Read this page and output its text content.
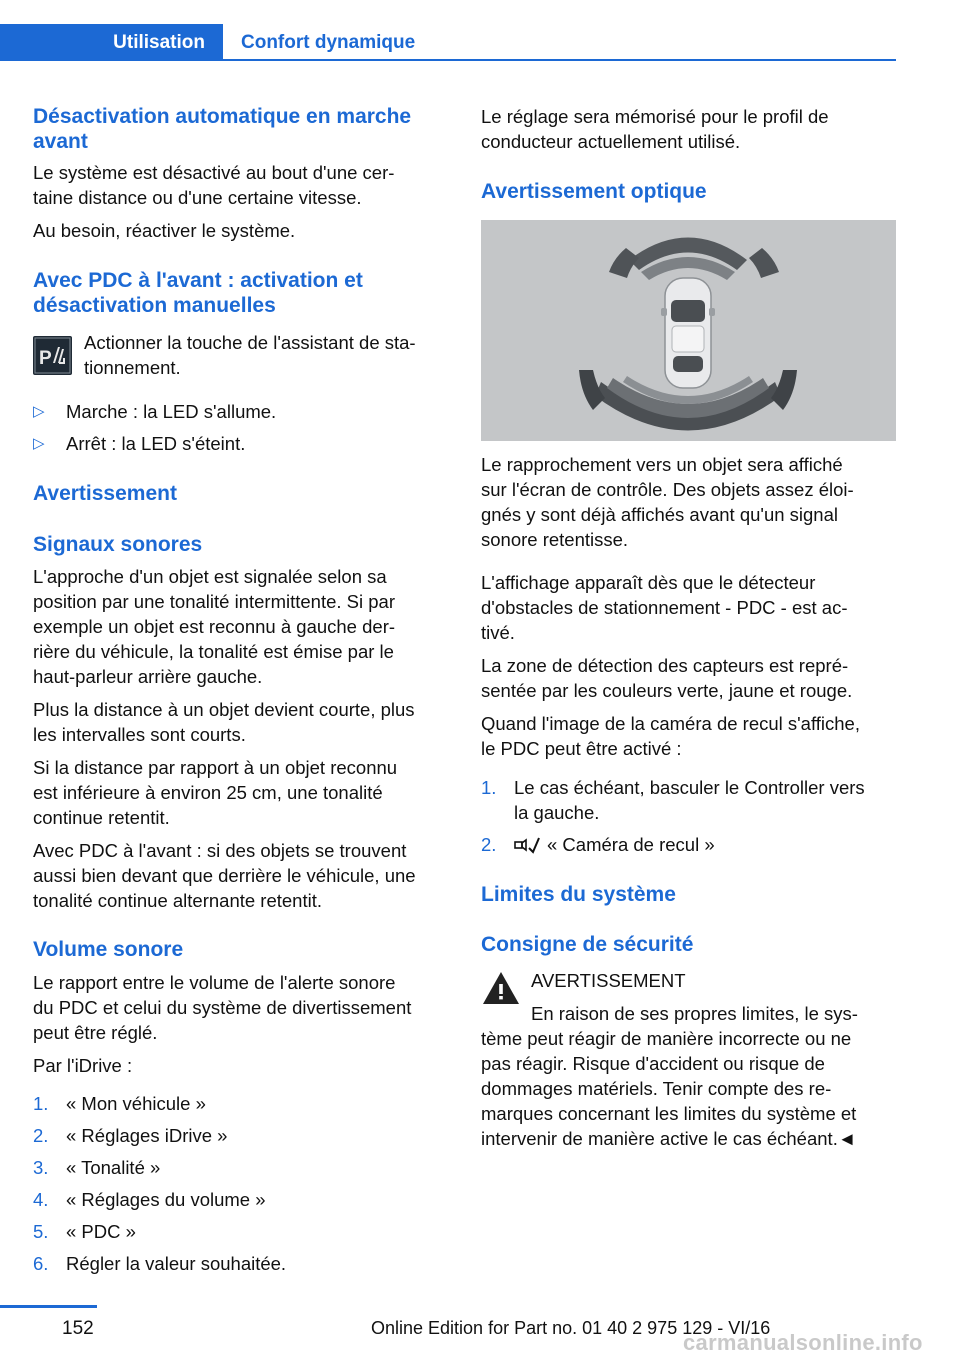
Utilisation	Confort dynamique
Désactivation automatique en marche avant
Le système est désactivé au bout d'une cer-
taine distance ou d'une certaine vitesse.
Au besoin, réactiver le système.
Avec PDC à l'avant : activation et
désactivation manuelles
P
Actionner la touche de l'assistant de sta-
tionnement.
▷ Marche : la LED s'allume.
▷ Arrêt : la LED s'éteint.
Avertissement
Signaux sonores
L'approche d'un objet est signalée selon sa
position par une tonalité intermittente. Si par
exemple un objet est reconnu à gauche der-
rière du véhicule, la tonalité est émise par le
haut-parleur arrière gauche.
Plus la distance à un objet devient courte, plus
les intervalles sont courts.
Si la distance par rapport à un objet reconnu
est inférieure à environ 25 cm, une tonalité
continue retentit.
Avec PDC à l'avant : si des objets se trouvent
aussi bien devant que derrière le véhicule, une
tonalité continue alternante retentit.
Volume sonore
Le rapport entre le volume de l'alerte sonore
du PDC et celui du système de divertissement
peut être réglé.
Par l'iDrive :
1. « Mon véhicule »
2. « Réglages iDrive »
3. « Tonalité »
4. « Réglages du volume »
5. « PDC »
6. Régler la valeur souhaitée.
Le réglage sera mémorisé pour le profil de
conducteur actuellement utilisé.
Avertissement optique
Le rapprochement vers un objet sera affiché
sur l'écran de contrôle. Des objets assez éloi-
gnés y sont déjà affichés avant qu'un signal
sonore retentisse.
L'affichage apparaît dès que le détecteur
d'obstacles de stationnement - PDC - est ac-
tivé.
La zone de détection des capteurs est repré-
sentée par les couleurs verte, jaune et rouge.
Quand l'image de la caméra de recul s'affiche,
le PDC peut être activé :
1. Le cas échéant, basculer le Controller vers
la gauche.
2.	« Caméra de recul »
Limites du système
Consigne de sécurité
AVERTISSEMENT
En raison de ses propres limites, le sys-
tème peut réagir de manière incorrecte ou ne
pas réagir. Risque d'accident ou risque de
dommages matériels. Tenir compte des re-
marques concernant les limites du système et
intervenir de manière active le cas échéant.◄
152	Online Edition for Part no. 01 40 2 975 129 - VI/16
carmanualsonline.info
